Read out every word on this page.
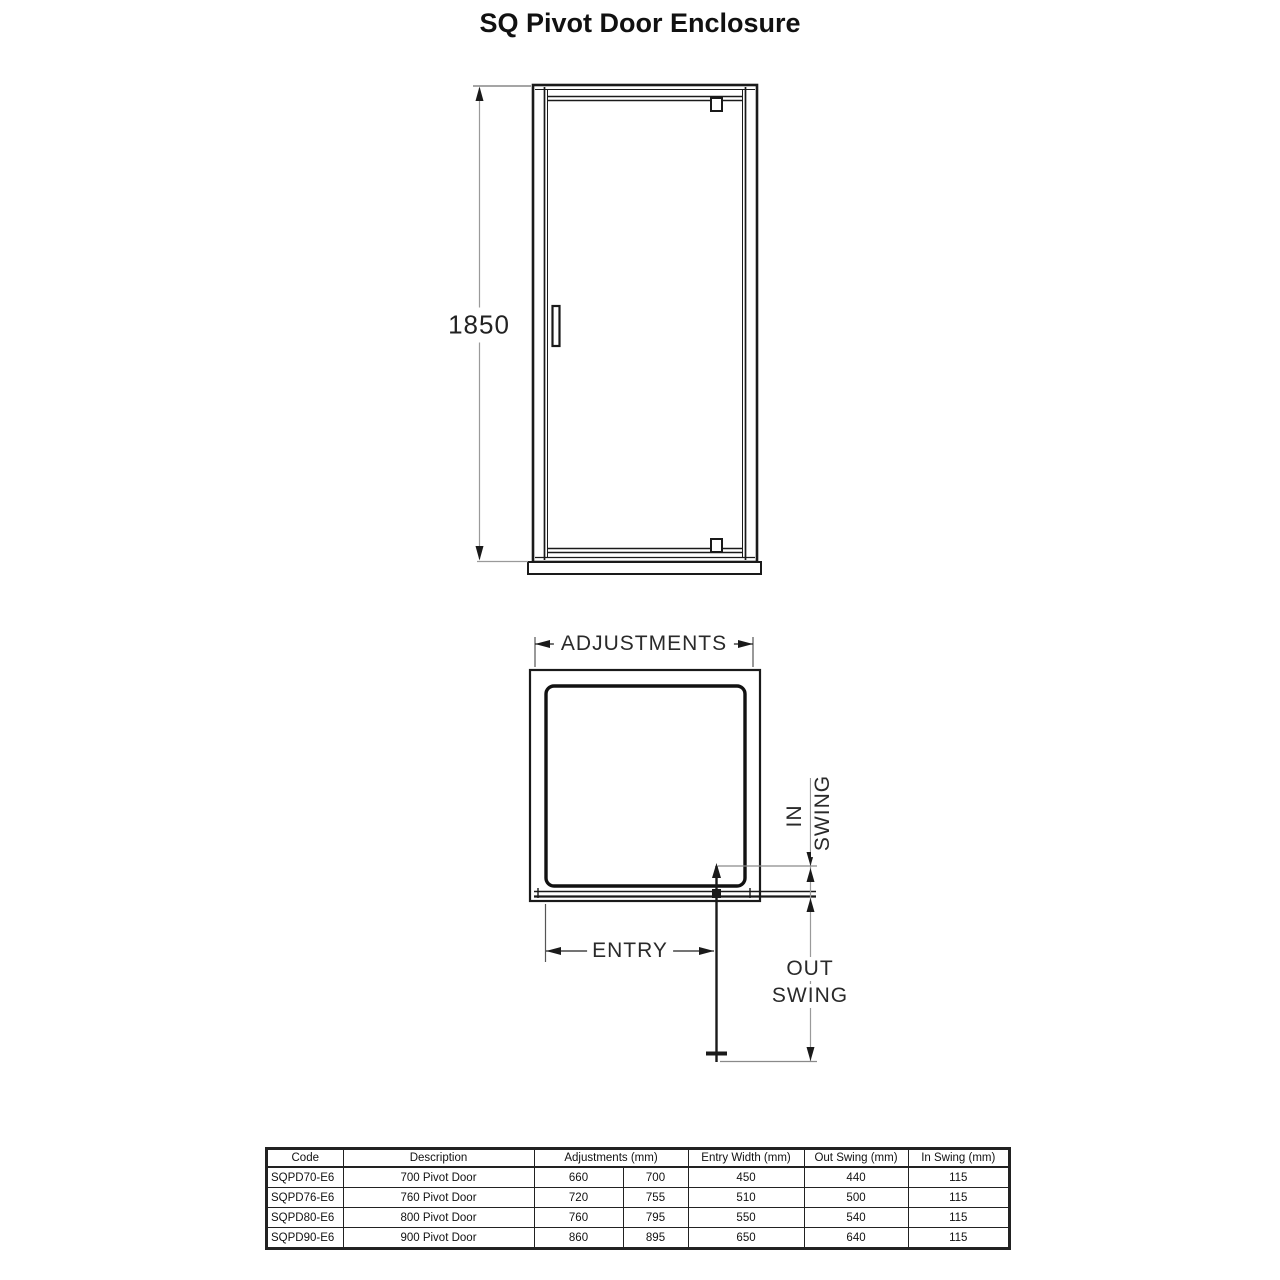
SQ Pivot Door Enclosure
1850
ADJUSTMENTS
ENTRY
IN SWING
OUT
SWING
Code	Description	Adjustments (mm)		Entry Width (mm)	Out Swing (mm)	In Swing (mm)
SQPD70-E6	700 Pivot Door	660	700	450	440	115
SQPD76-E6	760 Pivot Door	720	755	510	500	115
SQPD80-E6	800 Pivot Door	760	795	550	540	115
SQPD90-E6	900 Pivot Door	860	895	650	640	115
